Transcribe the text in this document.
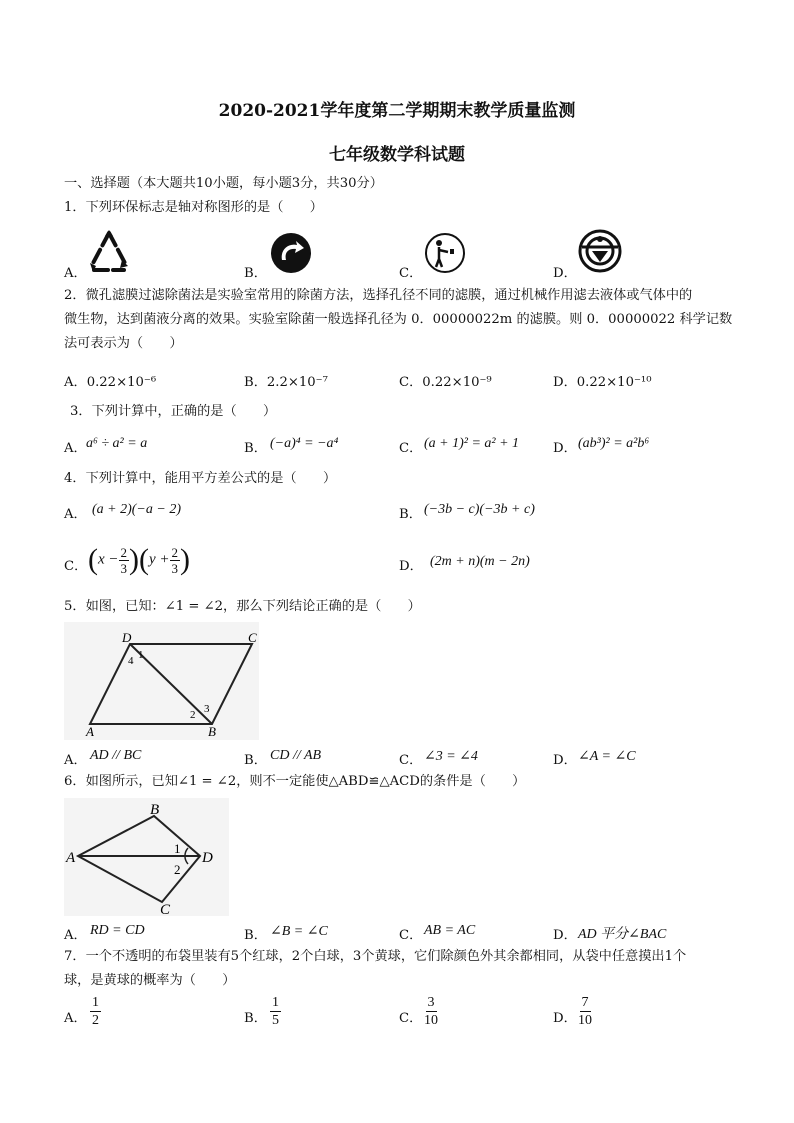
2020-2021学年度第二学期期末教学质量监测
七年级数学科试题
一、选择题（本大题共10小题，每小题3分，共30分）
1．下列环保标志是轴对称图形的是（　　）
A．	B．	C．	D．
2．微孔滤膜过滤除菌法是实验室常用的除菌方法，选择孔径不同的滤膜，通过机械作用滤去液体或气体中的
微生物，达到菌液分离的效果。实验室除菌一般选择孔径为 0．00000022m 的滤膜。则 0．00000022 科学记数
法可表示为（　　）
A．0.22×10⁻⁶	B．2.2×10⁻⁷	C．0.22×10⁻⁹	D．0.22×10⁻¹⁰
3．下列计算中，正确的是（　　）
A． a⁶ ÷ a² = a	B． (−a)⁴ = −a⁴	C． (a + 1)² = a² + 1	D． (ab³)² = a²b⁶
4．下列计算中，能用平方差公式的是（　　）
A． (a + 2)(−a − 2)	B． (−3b − c)(−3b + c)
C． $(x - \frac{2}{3} )(y + \frac{2}{3}$ )	D． (2m + n)(m − 2n)
5．如图，已知：∠1 = ∠2，那么下列结论正确的是（　　）
D	C
A	B
4 1
2 3
A． AD // BC	B． CD // AB	C． ∠3 = ∠4	D． ∠A = ∠C
6．如图所示，已知∠1 = ∠2，则不一定能使△ABD≌△ACD的条件是（　　）
B
A	D
C
1
2
A． RD = CD	B． ∠B = ∠C	C． AB = AC	D． AD 平分∠BAC
7．一个不透明的布袋里装有5个红球，2个白球，3个黄球，它们除颜色外其余都相同，从袋中任意摸出1个
球，是黄球的概率为（　　）
A． $\frac{1}{2}$	B． $\frac{1}{5}$	C． $\frac{3}{10}$	D． $\frac{7}{10}$
